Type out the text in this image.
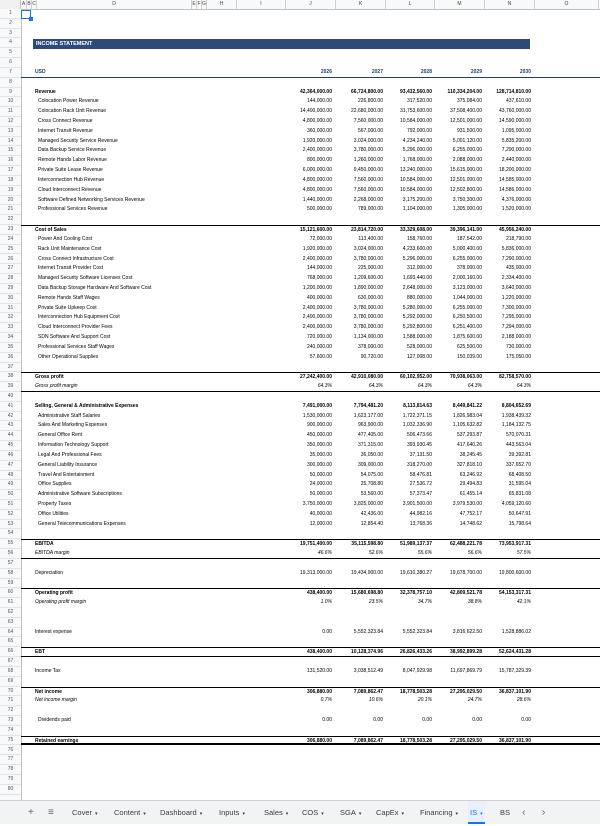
A B C	D	E F G	H	I	J	K	L	M	N	O
1
2
3
4
5
6
7
8
9
10
11
12
13
14
15
16
17
18
19
20
21
22
23
24
25
26
27
28
29
30
31
32
33
34
35
36
37
38
39
40
41
42
43
44
45
46
47
48
49
50
51
52
53
54
55
56
57
58
59
60
61
62
63
64
65
66
67
68
69
70
71
72
73
74
75
76
77
78
79
80
INCOME STATEMENT
USD	2026	2027	2028	2029	2030
Revenue	42,364,000.00	66,724,800.00	93,432,560.00	110,334,204.00	128,714,810.00
Colocation Power Revenue	144,000.00	226,800.00	317,520.00	375,084.00	437,610.00
Colocation Rack Unit Revenue	14,400,000.00	22,680,000.00	31,753,600.00	37,508,400.00	43,760,000.00
Cross Connect Revenue	4,800,000.00	7,560,000.00	10,584,000.00	12,501,000.00	14,590,000.00
Internet Transit Revenue	360,000.00	567,000.00	792,000.00	931,500.00	1,095,000.00
Managed Security Service Revenue	1,920,000.00	3,024,000.00	4,234,240.00	5,001,120.00	5,835,200.00
Data Backup Service Revenue	2,400,000.00	3,780,000.00	5,296,000.00	6,255,000.00	7,290,000.00
Remote Hands Labor Revenue	800,000.00	1,260,000.00	1,768,000.00	2,088,000.00	2,440,000.00
Private Suite Lease Revenue	6,000,000.00	9,450,000.00	13,240,000.00	15,615,000.00	18,200,000.00
Interconnection Hub Revenue	4,800,000.00	7,560,000.00	10,584,000.00	12,501,000.00	14,585,000.00
Cloud Interconnect Revenue	4,800,000.00	7,560,000.00	10,584,000.00	12,502,800.00	14,586,000.00
Software Defined Networking Services Revenue	1,440,000.00	2,268,000.00	3,175,200.00	3,750,300.00	4,376,000.00
Professional Services Revenue	500,000.00	789,000.00	1,104,000.00	1,305,000.00	1,520,000.00
Cost of Sales	15,121,600.00	23,814,720.00	33,329,608.00	39,396,141.00	45,956,240.00
Power And Cooling Cost	72,000.00	113,400.00	158,760.00	187,542.00	218,790.00
Rack Unit Maintenance Cost	1,920,000.00	3,024,000.00	4,233,600.00	5,000,400.00	5,836,000.00
Cross Connect Infrastructure Cost	2,400,000.00	3,780,000.00	5,296,000.00	6,255,000.00	7,290,000.00
Internet Transit Provider Cost	144,000.00	225,000.00	312,000.00	378,000.00	435,000.00
Managed Security Software Licenses Cost	768,000.00	1,209,600.00	1,693,440.00	2,000,160.00	2,334,400.00
Data Backup Storage Hardware And Software Cost	1,200,000.00	1,890,000.00	2,648,000.00	3,123,000.00	3,640,000.00
Remote Hands Staff Wages	400,000.00	630,000.00	880,000.00	1,044,000.00	1,220,000.00
Private Suite Upkeep Cost	2,400,000.00	3,780,000.00	5,280,000.00	6,255,000.00	7,300,000.00
Interconnection Hub Equipment Cost	2,400,000.00	3,780,000.00	5,292,000.00	6,250,500.00	7,295,000.00
Cloud Interconnect Provider Fees	2,400,000.00	3,780,000.00	5,292,800.00	6,251,400.00	7,294,000.00
SDN Software And Support Cost	720,000.00	1,134,000.00	1,588,000.00	1,875,600.00	2,188,000.00
Professional Services Staff Wages	240,000.00	378,000.00	528,000.00	625,500.00	730,000.00
Other Operational Supplies	57,600.00	90,720.00	127,008.00	150,039.00	175,050.00
Gross profit	27,242,400.00	42,910,080.00	60,102,952.00	70,938,063.00	82,758,570.00
Gross profit margin	64.3%	64.3%	64.3%	64.3%	64.3%
Selling, General & Administrative Expenses	7,491,000.00	7,794,481.20	8,113,814.63	8,449,841.22	8,804,652.69
Administrative Staff Salaries	1,530,000.00	1,623,177.00	1,722,371.15	1,826,983.04	1,938,439.32
Sales And Marketing Expenses	900,000.00	963,900.00	1,032,336.90	1,105,632.82	1,184,132.75
General Office Rent	450,000.00	477,405.00	506,473.66	537,293.87	570,070.31
Information Technology Support	350,000.00	371,315.00	393,930.45	417,640.26	443,563.04
Legal And Professional Fees	35,000.00	36,050.00	37,131.50	38,245.45	39,392.81
General Liability Insurance	300,000.00	309,000.00	318,270.00	327,818.10	337,652.70
Travel And Entertainment	50,000.00	54,075.00	58,476.81	63,246.92	68,408.50
Office Supplies	24,000.00	25,708.80	27,536.72	29,494.83	31,595.04
Administrative Software Subscriptions	50,000.00	53,560.00	57,373.47	61,455.14	65,831.08
Property Taxes	3,750,000.00	3,825,000.00	3,901,500.00	3,979,530.00	4,059,120.60
Office Utilities	40,000.00	42,436.00	44,982.16	47,752.17	50,647.91
General Telecommunications Expenses	12,000.00	12,854.40	13,768.36	14,748.62	15,798.64
EBITDA	19,751,400.00	35,115,598.80	51,989,137.37	62,488,221.78	73,953,917.31
EBITDA margin	46.6%	52.6%	55.6%	56.6%	57.5%
Depreciation	19,313,000.00	19,434,900.00	19,610,380.27	19,678,700.00	19,800,600.00
Operating profit	438,400.00	15,680,698.80	32,378,757.10	42,809,521.78	54,153,317.31
Operating profit margin	1.0%	23.5%	34.7%	38.8%	42.1%
Interest expense	0.00	5,552,323.84	5,552,323.84	3,816,622.50	1,528,886.02
EBT	438,400.00	10,128,374.96	26,826,433.26	38,992,899.28	52,624,431.28
Income Tax	131,520.00	3,038,512.49	8,047,929.98	11,697,869.79	15,787,329.39
Net income	306,880.00	7,089,862.47	18,778,503.28	27,295,029.50	36,837,101.90
Net income margin	0.7%	10.6%	20.1%	24.7%	28.6%
Dividends paid	0.00	0.00	0.00	0.00	0.00
Retained earnings	306,880.00	7,089,862.47	18,778,503.28	27,295,029.50	36,837,101.90
+ ≡ Cover ▾ Content ▾ Dashboard ▾ Inputs ▾	Sales ▾ COS ▾ SGA ▾ CapEx ▾ Financing ▾ IS ▾ BS ‹ ›
